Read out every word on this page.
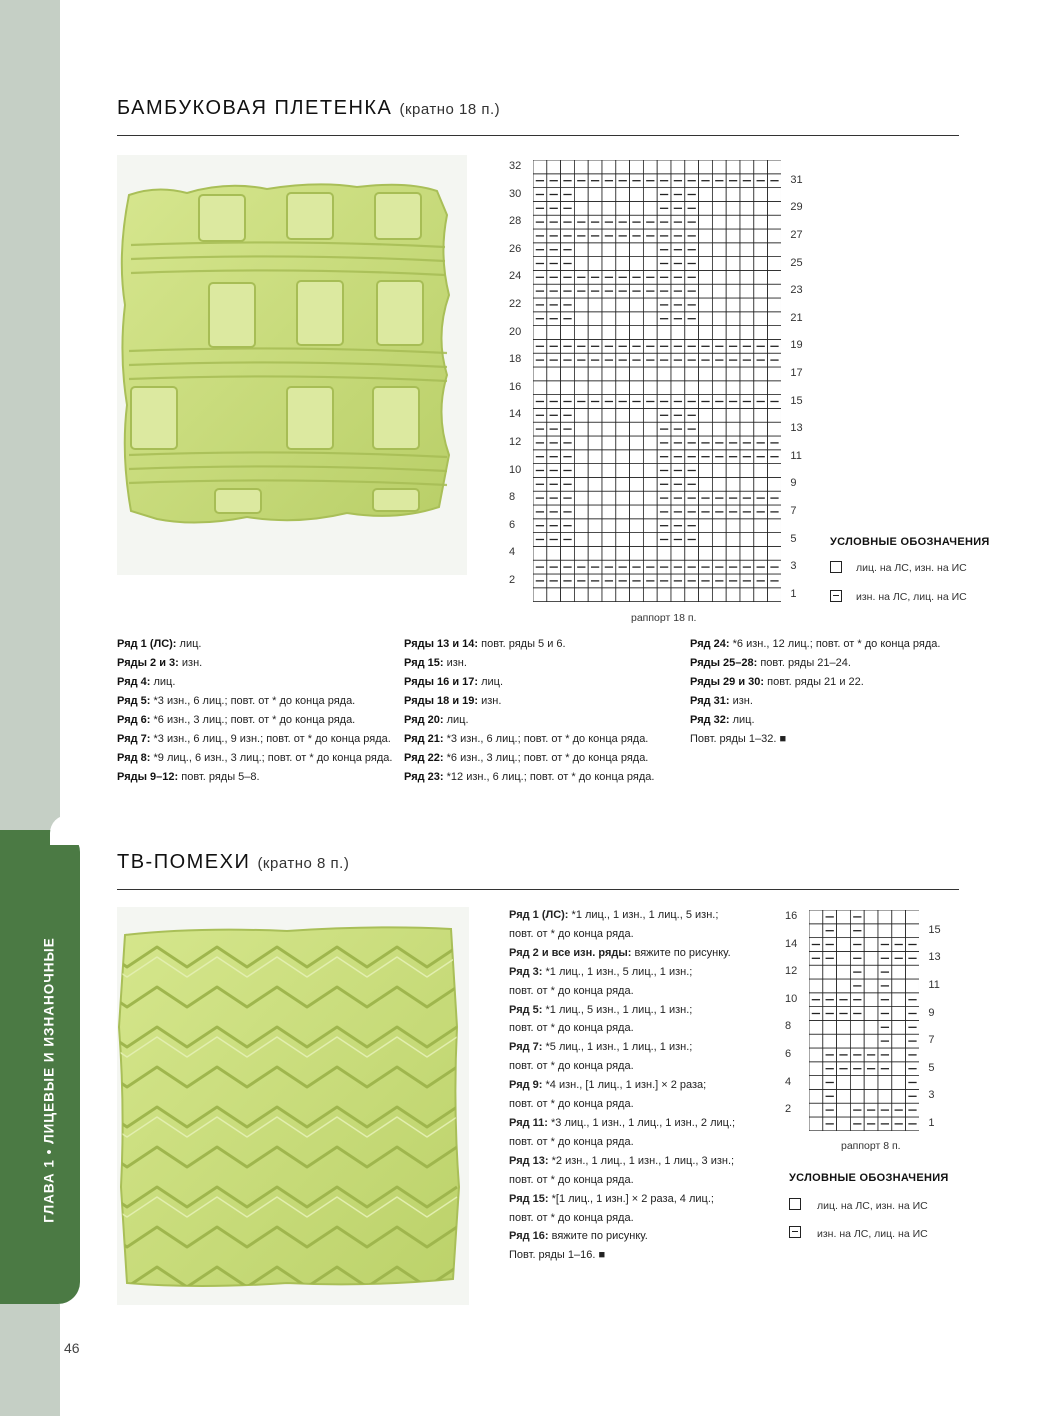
ГЛАВА 1 • ЛИЦЕВЫЕ И ИЗНАНОЧНЫЕ
46
БАМБУКОВАЯ ПЛЕТЕНКА (кратно 18 п.)
2
4
6
8
10
12
14
16
18
20
22
24
26
28
30
32
1
3
5
7
9
11
13
15
17
19
21
23
25
27
29
31
раппорт 18 п.
УСЛОВНЫЕ ОБОЗНАЧЕНИЯ
лиц. на ЛС, изн. на ИС
изн. на ЛС, лиц. на ИС

Ряд 1 (ЛС): лиц.

Ряды 2 и 3: изн.

Ряд 4: лиц.

Ряд 5: *3 изн., 6 лиц.; повт. от * до конца ряда.

Ряд 6: *6 изн., 3 лиц.; повт. от * до конца ряда.

Ряд 7: *3 изн., 6 лиц., 9 изн.; повт. от * до конца ряда.

Ряд 8: *9 лиц., 6 изн., 3 лиц.; повт. от * до конца ряда.

Ряды 9–12: повт. ряды 5–8.

Ряды 13 и 14: повт. ряды 5 и 6.

Ряд 15: изн.

Ряды 16 и 17: лиц.

Ряды 18 и 19: изн.

Ряд 20: лиц.

Ряд 21: *3 изн., 6 лиц.; повт. от * до конца ряда.

Ряд 22: *6 изн., 3 лиц.; повт. от * до конца ряда.

Ряд 23: *12 изн., 6 лиц.; повт. от * до конца ряда.

Ряд 24: *6 изн., 12 лиц.; повт. от * до конца ряда.

Ряды 25–28: повт. ряды 21–24.

Ряды 29 и 30: повт. ряды 21 и 22.

Ряд 31: изн.

Ряд 32: лиц.

Повт. ряды 1–32. ■

ТВ-ПОМЕХИ (кратно 8 п.)

Ряд 1 (ЛС): *1 лиц., 1 изн., 1 лиц., 5 изн.;

повт. от * до конца ряда.

Ряд 2 и все изн. ряды: вяжите по рисунку.

Ряд 3: *1 лиц., 1 изн., 5 лиц., 1 изн.;

повт. от * до конца ряда.

Ряд 5: *1 лиц., 5 изн., 1 лиц., 1 изн.;

повт. от * до конца ряда.

Ряд 7: *5 лиц., 1 изн., 1 лиц., 1 изн.;

повт. от * до конца ряда.

Ряд 9: *4 изн., [1 лиц., 1 изн.] × 2 раза;

повт. от * до конца ряда.

Ряд 11: *3 лиц., 1 изн., 1 лиц., 1 изн., 2 лиц.;

повт. от * до конца ряда.

Ряд 13: *2 изн., 1 лиц., 1 изн., 1 лиц., 3 изн.;

повт. от * до конца ряда.

Ряд 15: *[1 лиц., 1 изн.] × 2 раза, 4 лиц.;

повт. от * до конца ряда.

Ряд 16: вяжите по рисунку.

Повт. ряды 1–16. ■

2
4
6
8
10
12
14
16
1
3
5
7
9
11
13
15
раппорт 8 п.
УСЛОВНЫЕ ОБОЗНАЧЕНИЯ
лиц. на ЛС, изн. на ИС
изн. на ЛС, лиц. на ИС
